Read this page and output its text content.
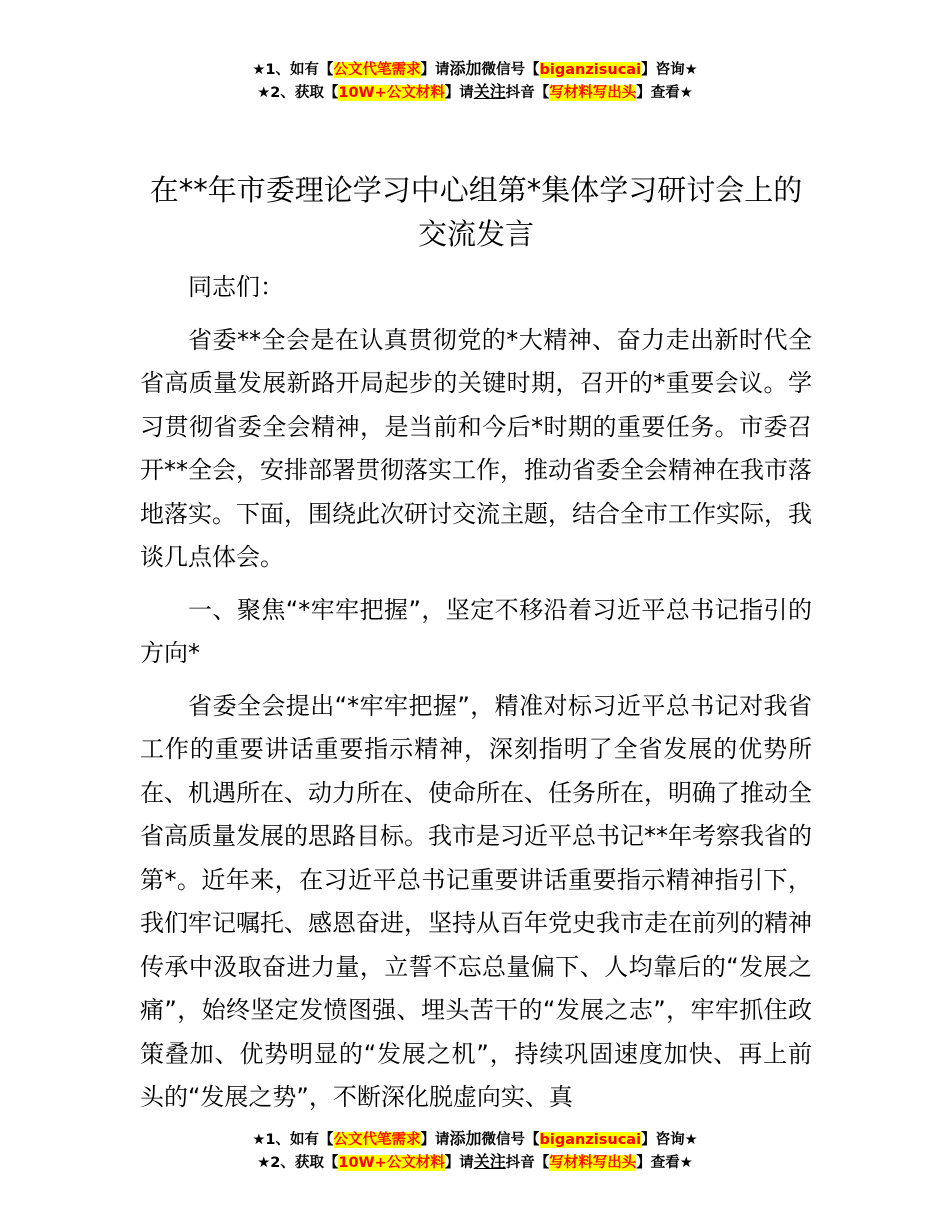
★1、如有【公文代笔需求】请添加微信号【biganzisucai】咨询★
★2、获取【10W+公文材料】请关注抖音【写材料写出头】查看★
在**年市委理论学习中心组第*集体学习研讨会上的交流发言

同志们：

省委**全会是在认真贯彻党的*大精神、奋力走出新时代全省高质量发展新路开局起步的关键时期，召开的*重要会议。学习贯彻省委全会精神，是当前和今后*时期的重要任务。市委召开**全会，安排部署贯彻落实工作，推动省委全会精神在我市落地落实。下面，围绕此次研讨交流主题，结合全市工作实际，我谈几点体会。

一、聚焦“*牢牢把握”，坚定不移沿着习近平总书记指引的方向*

省委全会提出“*牢牢把握”，精准对标习近平总书记对我省工作的重要讲话重要指示精神，深刻指明了全省发展的优势所在、机遇所在、动力所在、使命所在、任务所在，明确了推动全省高质量发展的思路目标。我市是习近平总书记**年考察我省的第*。近年来，在习近平总书记重要讲话重要指示精神指引下，我们牢记嘱托、感恩奋进，坚持从百年党史我市走在前列的精神传承中汲取奋进力量，立誓不忘总量偏下、人均靠后的“发展之痛”，始终坚定发愤图强、埋头苦干的“发展之志”，牢牢抓住政策叠加、优势明显的“发展之机”，持续巩固速度加快、再上前头的“发展之势”，不断深化脱虚向实、真

★1、如有【公文代笔需求】请添加微信号【biganzisucai】咨询★
★2、获取【10W+公文材料】请关注抖音【写材料写出头】查看★
